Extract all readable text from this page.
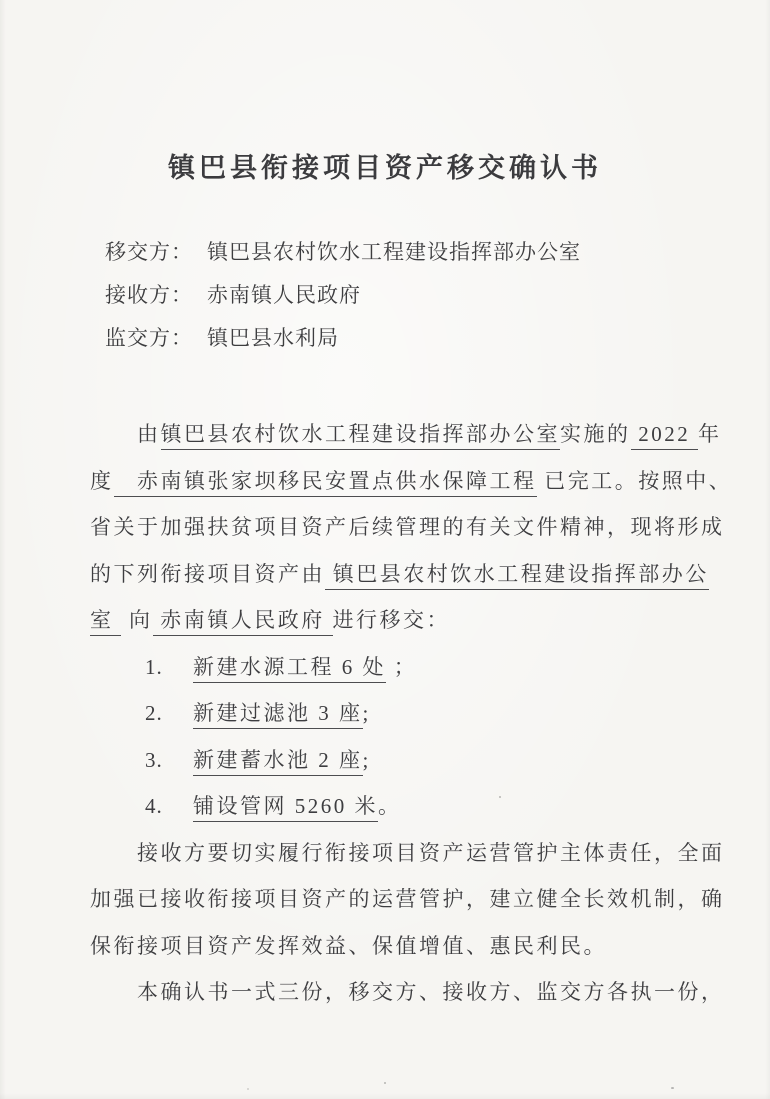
镇巴县衔接项目资产移交确认书
移交方： 镇巴县农村饮水工程建设指挥部办公室
接收方： 赤南镇人民政府
监交方： 镇巴县水利局
　　由镇巴县农村饮水工程建设指挥部办公室实施的 2022 年
度　赤南镇张家坝移民安置点供水保障工程 已完工。按照中、
省关于加强扶贫项目资产后续管理的有关文件精神，现将形成
的下列衔接项目资产由 镇巴县农村饮水工程建设指挥部办公
室  向 赤南镇人民政府 进行移交：
1. 新建水源工程 6 处 ；
2. 新建过滤池 3 座;
3. 新建蓄水池 2 座;
4. 铺设管网 5260 米。
　　接收方要切实履行衔接项目资产运营管护主体责任，全面
加强已接收衔接项目资产的运营管护，建立健全长效机制，确
保衔接项目资产发挥效益、保值增值、惠民利民。
　　本确认书一式三份，移交方、接收方、监交方各执一份，
